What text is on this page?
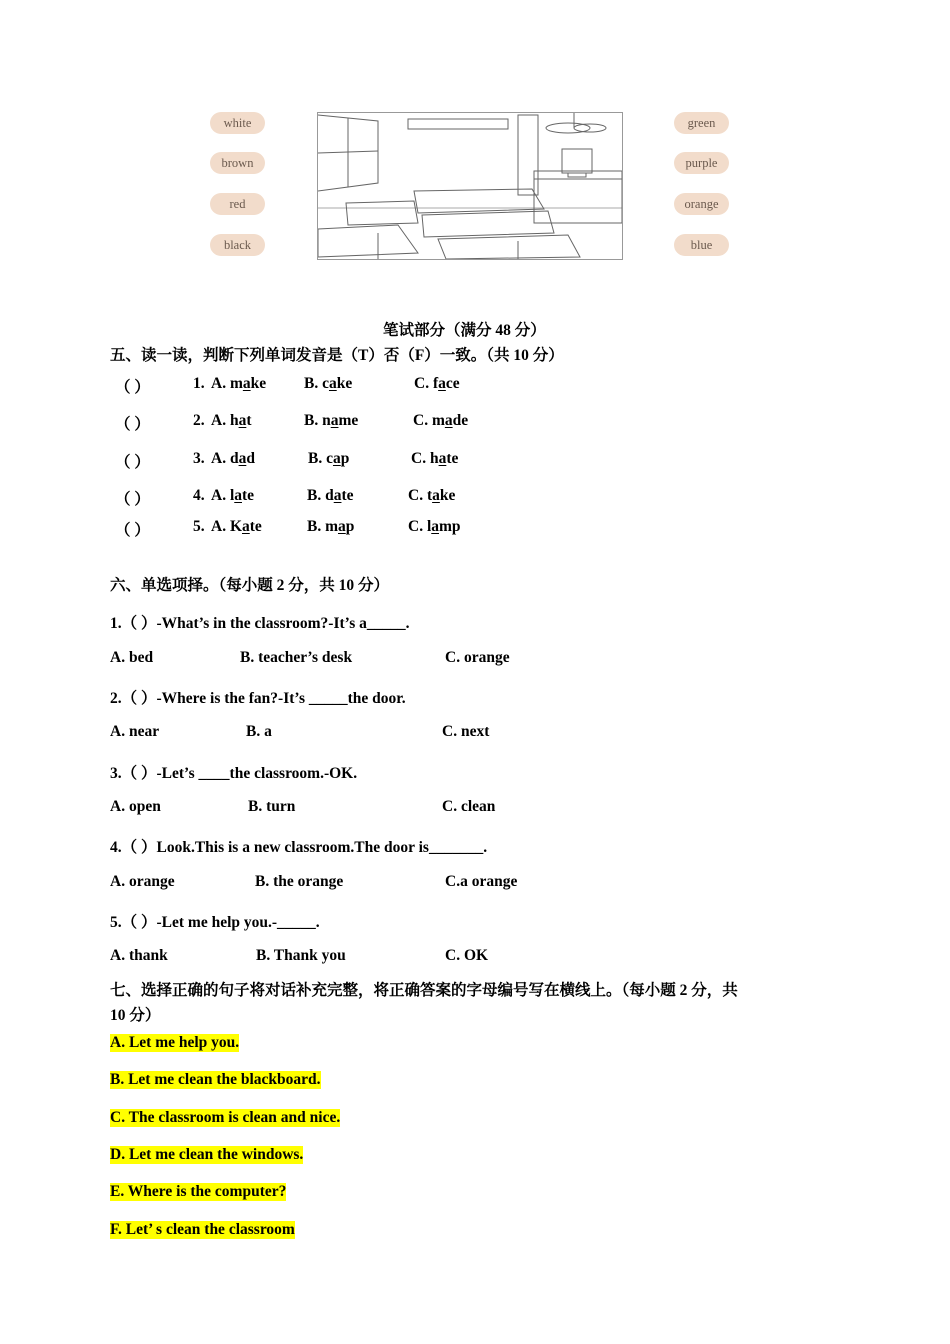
white
brown
red
black
green
purple
orange
blue
笔试部分（满分 48 分）
五、读一读，判断下列单词发音是（T）否（F）一致。（共 10 分）
（ ）	1. A. make B. cake	C. face
（ ）	2. A. hat	B. name	C. made
（ ）	3. A. dad	B. cap	C. hate
（ ）	4. A. late	B. date	C. take
（ ）	5. A. Kate	B. map	C. lamp
六、单选项择。（每小题 2 分，共 10 分）
1.（ ）-What’s in the classroom?-It’s a_____.
A. bed	B. teacher’s desk	C. orange
2.（ ）-Where is the fan?-It’s _____the door.
A. near	B. a	C. next
3.（ ）-Let’s ____the classroom.-OK.
A. open	B. turn	C. clean
4.（ ）Look.This is a new classroom.The door is_______.
A. orange	B. the orange	C.a orange
5.（ ）-Let me help you.-_____.
A. thank	B. Thank you	C. OK
七、选择正确的句子将对话补充完整，将正确答案的字母编号写在横线上。（每小题 2 分，共
10 分）
A. Let me help you.
B. Let me clean the blackboard.
C. The classroom is clean and nice.
D. Let me clean the windows.
E. Where is the computer?
F. Let’ s clean the classroom
